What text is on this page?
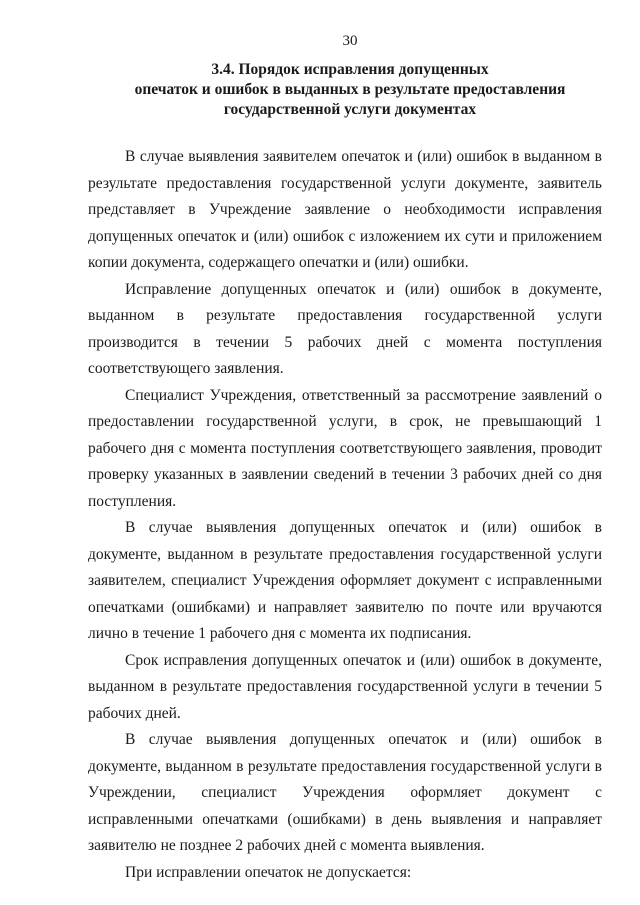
30
3.4. Порядок исправления допущенных
опечаток и ошибок в выданных в результате предоставления
государственной услуги документах

В случае выявления заявителем опечаток и (или) ошибок в выданном в результате предоставления государственной услуги документе, заявитель представляет в Учреждение заявление о необходимости исправления допущенных опечаток и (или) ошибок с изложением их сути и приложением копии документа, содержащего опечатки и (или) ошибки.

Исправление допущенных опечаток и (или) ошибок в документе, выданном в результате предоставления государственной услуги производится в течении 5 рабочих дней с момента поступления соответствующего заявления.

Специалист Учреждения, ответственный за рассмотрение заявлений о предоставлении государственной услуги, в срок, не превышающий 1 рабочего дня с момента поступления соответствующего заявления, проводит проверку указанных в заявлении сведений в течении 3 рабочих дней со дня поступления.

В случае выявления допущенных опечаток и (или) ошибок в документе, выданном в результате предоставления государственной услуги заявителем, специалист Учреждения оформляет документ с исправленными опечатками (ошибками) и направляет заявителю по почте или вручаются лично в течение 1 рабочего дня с момента их подписания.

Срок исправления допущенных опечаток и (или) ошибок в документе, выданном в результате предоставления государственной услуги в течении 5 рабочих дней.

В случае выявления допущенных опечаток и (или) ошибок в документе, выданном в результате предоставления государственной услуги в Учреждении, специалист Учреждения оформляет документ с исправленными опечатками (ошибками) в день выявления и направляет заявителю не позднее 2 рабочих дней с момента выявления.

При исправлении опечаток не допускается:
